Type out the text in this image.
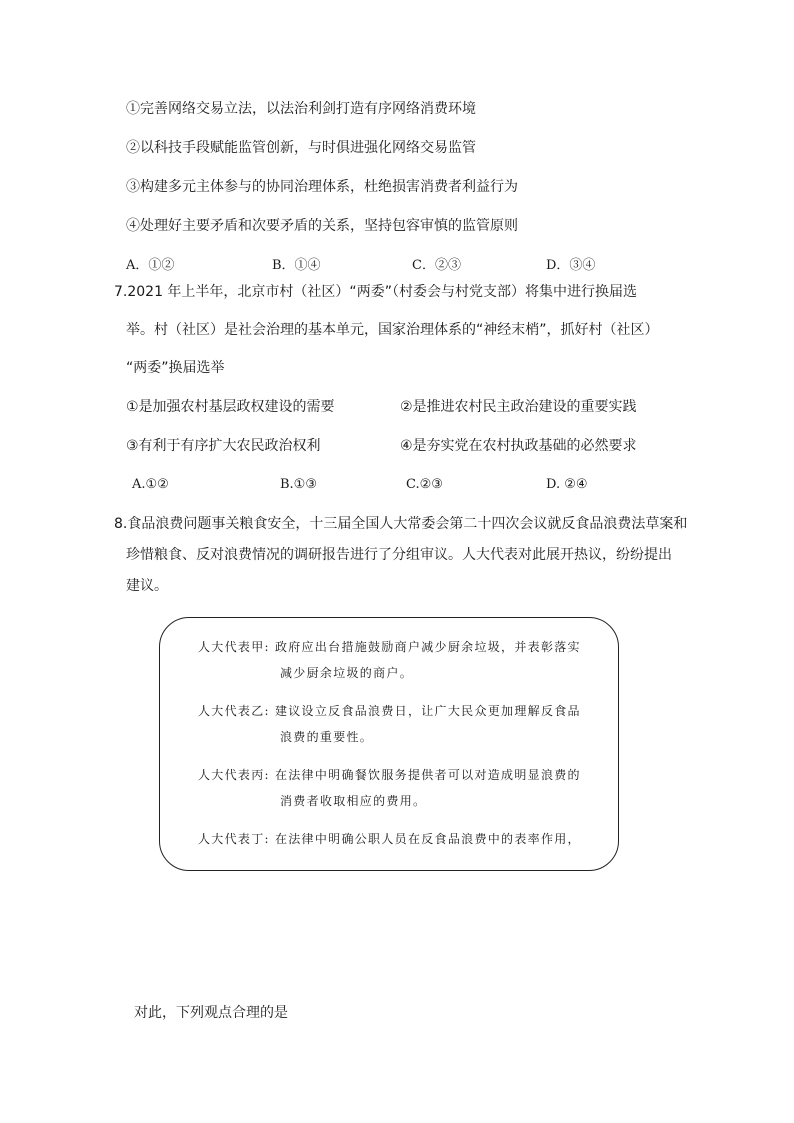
①完善网络交易立法，以法治利剑打造有序网络消费环境
②以科技手段赋能监管创新，与时俱进强化网络交易监管
③构建多元主体参与的协同治理体系，杜绝损害消费者利益行为
④处理好主要矛盾和次要矛盾的关系，坚持包容审慎的监管原则
A．①②	B．①④	C．②③	D．③④
7.2021 年上半年，北京市村（社区）“两委”（村委会与村党支部）将集中进行换届选
举。村（社区）是社会治理的基本单元，国家治理体系的“神经末梢”，抓好村（社区）
“两委”换届选举
①是加强农村基层政权建设的需要	②是推进农村民主政治建设的重要实践
③有利于有序扩大农民政治权利	④是夯实党在农村执政基础的必然要求
A.①②	B.①③	C.②③	D. ②④
8.食品浪费问题事关粮食安全，十三届全国人大常委会第二十四次会议就反食品浪费法草案和
珍惜粮食、反对浪费情况的调研报告进行了分组审议。人大代表对此展开热议，纷纷提出
建议。
人大代表甲: 政府应出台措施鼓励商户减少厨余垃圾，并表彰落实
减少厨余垃圾的商户。
人大代表乙: 建议设立反食品浪费日，让广大民众更加理解反食品
浪费的重要性。
人大代表丙: 在法律中明确餐饮服务提供者可以对造成明显浪费的
消费者收取相应的费用。
人大代表丁: 在法律中明确公职人员在反食品浪费中的表率作用，
对此，下列观点合理的是
